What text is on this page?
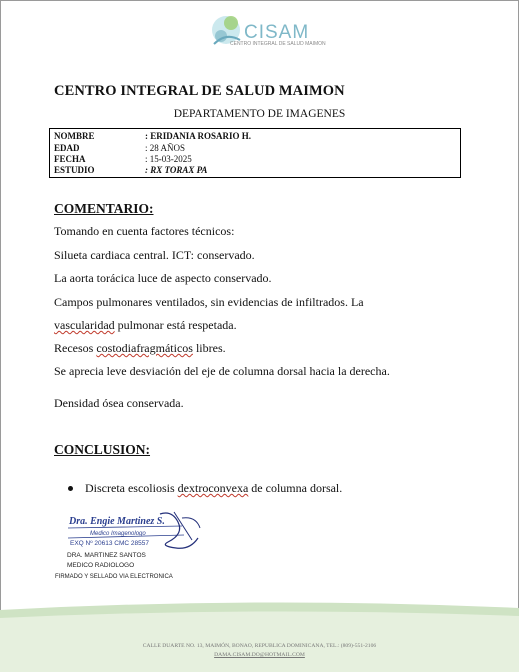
CISAM
CENTRO INTEGRAL DE SALUD MAIMON
CENTRO INTEGRAL DE SALUD MAIMON
DEPARTAMENTO DE IMAGENES
NOMBRE	: ERIDANIA ROSARIO H.
EDAD	: 28 AÑOS
FECHA	: 15-03-2025
ESTUDIO	: RX TORAX PA
COMENTARIO:
Tomando en cuenta factores técnicos:
Silueta cardiaca central. ICT: conservado.
La aorta torácica luce de aspecto conservado.
Campos pulmonares ventilados, sin evidencias de infiltrados. La
vascularidad pulmonar está respetada.
Recesos costodiafragmáticos libres.
Se aprecia leve desviación del eje de columna dorsal hacia la derecha.
Densidad ósea conservada.
CONCLUSION:
Discreta escoliosis dextroconvexa de columna dorsal.
Dra. Engie Martinez S.
Medico Imagenologo
EXQ Nº 20613 CMC 28557
DRA. MARTINEZ SANTOS
MEDICO RADIOLOGO
FIRMADO Y SELLADO VIA ELECTRONICA
CALLE DUARTE NO. 13, MAIMÓN, BONAO, REPUBLICA DOMINICANA, TEL.: (809)-551-2106
DAMA.CISAM.DO@HOTMAIL.COM
